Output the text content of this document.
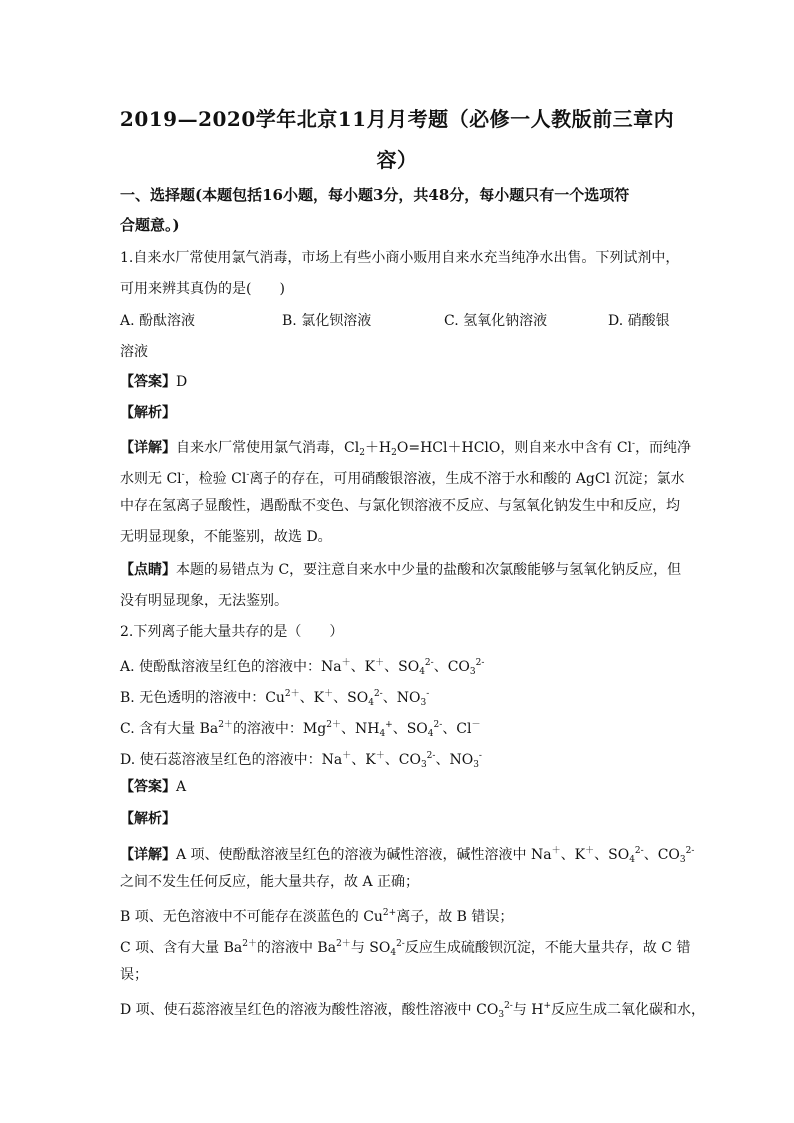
2019—2020学年北京11月月考题（必修一人教版前三章内
容）
一、选择题(本题包括16小题，每小题3分，共48分，每小题只有一个选项符
合题意。)
1.自来水厂常使用氯气消毒，市场上有些小商小贩用自来水充当纯净水出售。下列试剂中，
可用来辨其真伪的是(　　)
A. 酚酞溶液	B. 氯化钡溶液	C. 氢氧化钠溶液	D. 硝酸银
溶液
【答案】D
【解析】
【详解】自来水厂常使用氯气消毒，$Cl_2+H_2O=HCl+HClO$，则自来水中含有 Cl-，而纯净
水则无 Cl-，检验 Cl-离子的存在，可用硝酸银溶液，生成不溶于水和酸的 AgCl 沉淀；氯水
中存在氢离子显酸性，遇酚酞不变色、与氯化钡溶液不反应、与氢氧化钠发生中和反应，均
无明显现象，不能鉴别，故选 D。
【点睛】本题的易错点为 C，要注意自来水中少量的盐酸和次氯酸能够与氢氧化钠反应，但
没有明显现象，无法鉴别。
2.下列离子能大量共存的是（　　）
A. 使酚酞溶液呈红色的溶液中：Na＋、K＋、$SO_4^{2-}$、$CO_3^{2-}$
B. 无色透明的溶液中：$Cu^{2+}$、K＋、$SO_4^{2-}$、$NO_3^-$
C. 含有大量 $Ba^{2+}$的溶液中：$Mg^{2+}$、$NH_4^+$、$SO_4^{2-}$、Cl－
D. 使石蕊溶液呈红色的溶液中：Na＋、K＋、$CO_3^{2-}$、$NO_3^-$
【答案】A
【解析】
【详解】A 项、使酚酞溶液呈红色的溶液为碱性溶液，碱性溶液中 Na＋、K＋、$SO_4^{2-}$、$CO_3^{2-}$
之间不发生任何反应，能大量共存，故 A 正确；
B 项、无色溶液中不可能存在淡蓝色的 $Cu^{2+}$离子，故 B 错误；
C 项、含有大量 $Ba^{2+}$的溶液中 $Ba^{2+}$与 $SO_4^{2-}$反应生成硫酸钡沉淀，不能大量共存，故 C 错
误；
D 项、使石蕊溶液呈红色的溶液为酸性溶液，酸性溶液中 $CO_3^{2-}$与 H+反应生成二氧化碳和水，
